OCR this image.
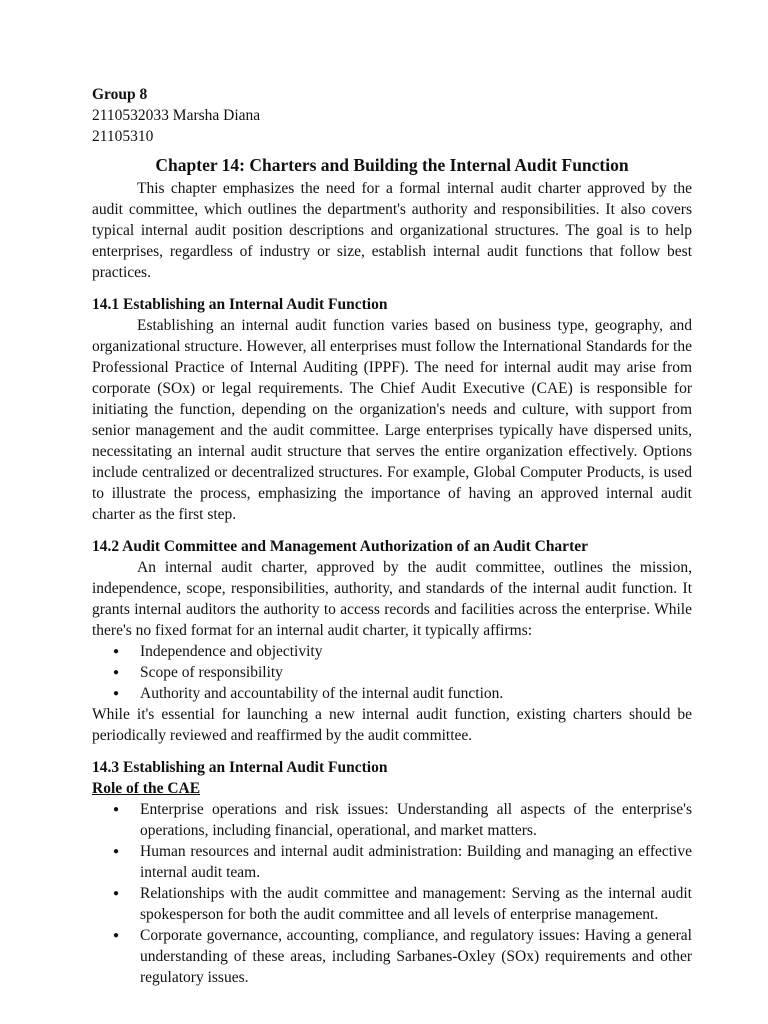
Group 8
2110532033 Marsha Diana
21105310
Chapter 14: Charters and Building the Internal Audit Function

This chapter emphasizes the need for a formal internal audit charter approved by the audit committee, which outlines the department's authority and responsibilities. It also covers typical internal audit position descriptions and organizational structures. The goal is to help enterprises, regardless of industry or size, establish internal audit functions that follow best practices.

14.1 Establishing an Internal Audit Function

Establishing an internal audit function varies based on business type, geography, and organizational structure. However, all enterprises must follow the International Standards for the Professional Practice of Internal Auditing (IPPF). The need for internal audit may arise from corporate (SOx) or legal requirements. The Chief Audit Executive (CAE) is responsible for initiating the function, depending on the organization's needs and culture, with support from senior management and the audit committee. Large enterprises typically have dispersed units, necessitating an internal audit structure that serves the entire organization effectively. Options include centralized or decentralized structures. For example, Global Computer Products, is used to illustrate the process, emphasizing the importance of having an approved internal audit charter as the first step.

14.2 Audit Committee and Management Authorization of an Audit Charter

An internal audit charter, approved by the audit committee, outlines the mission, independence, scope, responsibilities, authority, and standards of the internal audit function. It grants internal auditors the authority to access records and facilities across the enterprise. While there's no fixed format for an internal audit charter, it typically affirms:

● Independence and objectivity
● Scope of responsibility
● Authority and accountability of the internal audit function.

While it's essential for launching a new internal audit function, existing charters should be periodically reviewed and reaffirmed by the audit committee.

14.3 Establishing an Internal Audit Function
Role of the CAE
● Enterprise operations and risk issues: Understanding all aspects of the enterprise's operations, including financial, operational, and market matters.
● Human resources and internal audit administration: Building and managing an effective internal audit team.
● Relationships with the audit committee and management: Serving as the internal audit spokesperson for both the audit committee and all levels of enterprise management.
● Corporate governance, accounting, compliance, and regulatory issues: Having a general understanding of these areas, including Sarbanes-Oxley (SOx) requirements and other regulatory issues.
